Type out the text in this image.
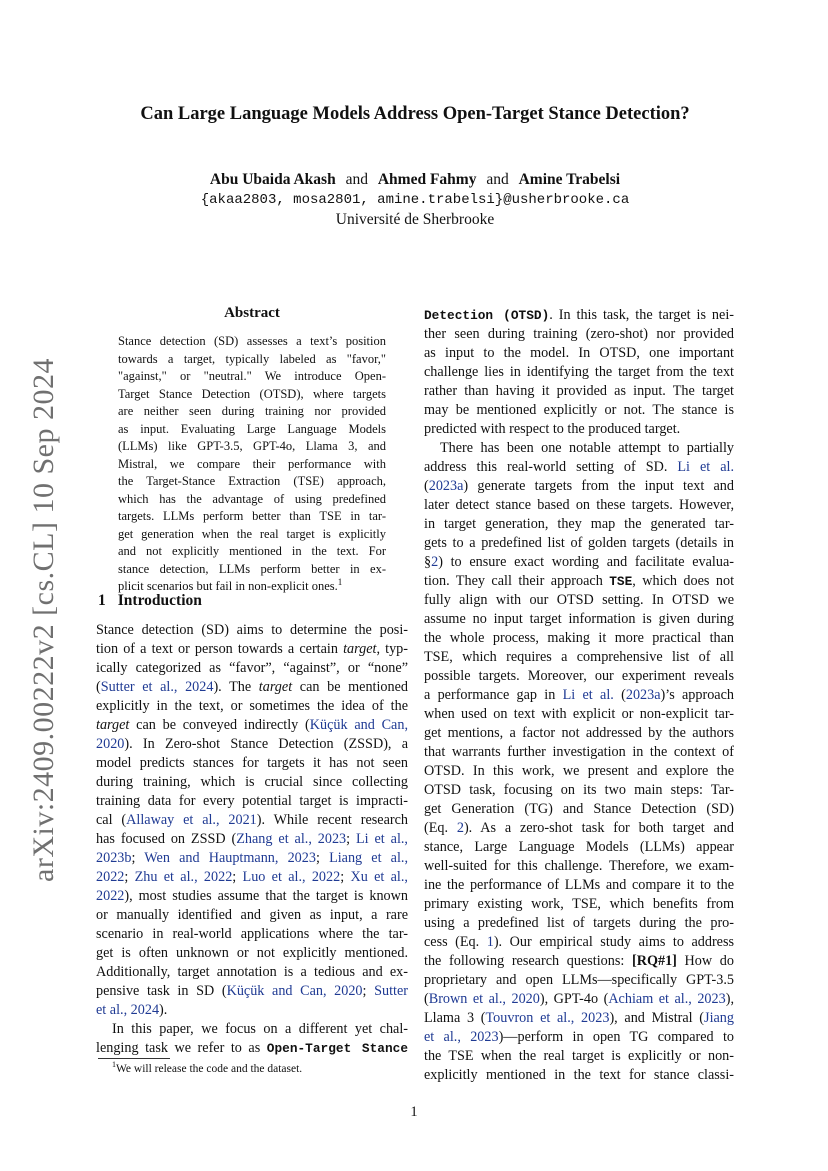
arXiv:2409.00222v2 [cs.CL] 10 Sep 2024
Can Large Language Models Address Open-Target Stance Detection?
Abu Ubaida Akash and Ahmed Fahmy and Amine Trabelsi
{akaa2803, mosa2801, amine.trabelsi}@usherbrooke.ca
Université de Sherbrooke
Abstract
Stance detection (SD) assesses a text’s position
towards a target, typically labeled as "favor,"
"against," or "neutral." We introduce Open-
Target Stance Detection (OTSD), where targets
are neither seen during training nor provided
as input. Evaluating Large Language Models
(LLMs) like GPT-3.5, GPT-4o, Llama 3, and
Mistral, we compare their performance with
the Target-Stance Extraction (TSE) approach,
which has the advantage of using predefined
targets. LLMs perform better than TSE in tar-
get generation when the real target is explicitly
and not explicitly mentioned in the text. For
stance detection, LLMs perform better in ex-
plicit scenarios but fail in non-explicit ones.$^1$
1 Introduction
Stance detection (SD) aims to determine the posi-
tion of a text or person towards a certain target, typ-
ically categorized as “favor”, “against”, or “none”
(Sutter et al., 2024). The target can be mentioned
explicitly in the text, or sometimes the idea of the
target can be conveyed indirectly (Küçük and Can,
2020). In Zero-shot Stance Detection (ZSSD), a
model predicts stances for targets it has not seen
during training, which is crucial since collecting
training data for every potential target is impracti-
cal (Allaway et al., 2021). While recent research
has focused on ZSSD (Zhang et al., 2023; Li et al.,
2023b; Wen and Hauptmann, 2023; Liang et al.,
2022; Zhu et al., 2022; Luo et al., 2022; Xu et al.,
2022), most studies assume that the target is known
or manually identified and given as input, a rare
scenario in real-world applications where the tar-
get is often unknown or not explicitly mentioned.
Additionally, target annotation is a tedious and ex-
pensive task in SD (Küçük and Can, 2020; Sutter
et al., 2024).
In this paper, we focus on a different yet chal-
lenging task we refer to as Open-Target Stance
Detection (OTSD). In this task, the target is nei-
ther seen during training (zero-shot) nor provided
as input to the model. In OTSD, one important
challenge lies in identifying the target from the text
rather than having it provided as input. The target
may be mentioned explicitly or not. The stance is
predicted with respect to the produced target.
There has been one notable attempt to partially
address this real-world setting of SD. Li et al.
(2023a) generate targets from the input text and
later detect stance based on these targets. However,
in target generation, they map the generated tar-
gets to a predefined list of golden targets (details in
§2) to ensure exact wording and facilitate evalua-
tion. They call their approach TSE, which does not
fully align with our OTSD setting. In OTSD we
assume no input target information is given during
the whole process, making it more practical than
TSE, which requires a comprehensive list of all
possible targets. Moreover, our experiment reveals
a performance gap in Li et al. (2023a)’s approach
when used on text with explicit or non-explicit tar-
get mentions, a factor not addressed by the authors
that warrants further investigation in the context of
OTSD. In this work, we present and explore the
OTSD task, focusing on its two main steps: Tar-
get Generation (TG) and Stance Detection (SD)
(Eq. 2). As a zero-shot task for both target and
stance, Large Language Models (LLMs) appear
well-suited for this challenge. Therefore, we exam-
ine the performance of LLMs and compare it to the
primary existing work, TSE, which benefits from
using a predefined list of targets during the pro-
cess (Eq. 1). Our empirical study aims to address
the following research questions: [RQ#1] How do
proprietary and open LLMs—specifically GPT-3.5
(Brown et al., 2020), GPT-4o (Achiam et al., 2023),
Llama 3 (Touvron et al., 2023), and Mistral (Jiang
et al., 2023)—perform in open TG compared to
the TSE when the real target is explicitly or non-
explicitly mentioned in the text for stance classi-
$^1$We will release the code and the dataset.
1
